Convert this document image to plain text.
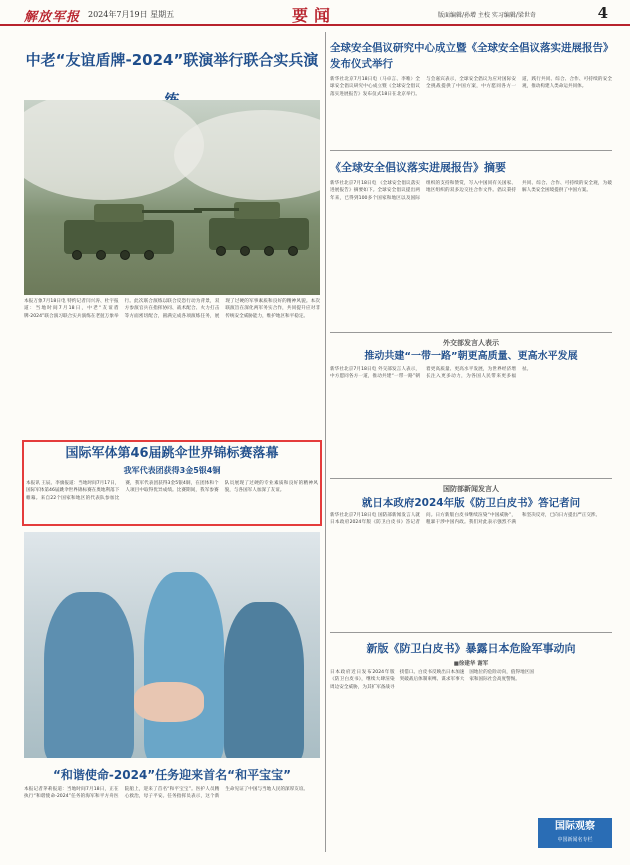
解放军报 2024年7月19日 星期五	要闻	版面编辑/孙增 主校 实习编辑/梁世奇	4
中老“友谊盾牌-2024”联演举行联合实兵演
本报万象7月18日电 特约记者闫兴涛、杜宇报道：当地时间7月18日，中老“友谊盾牌-2024”联合演习联合实兵演练在老挝万象举行。此次联合演练以联合反恐行动为背景，双方参演官兵在指挥协同、战术配合、火力打击等方面密切配合，圆满完成各项演练任务，展现了过硬的军事素质和良好的精神风貌。本次联演旨在深化两军务实合作，共同提升应对非传统安全威胁能力，维护地区和平稳定。
国际军体第46届跳伞世界锦标赛落幕
我军代表团获得3金5银4铜
本报讯 王辰、李旗报道：当地时间7月17日，国际军体第46届跳伞世界锦标赛在奥地利落下帷幕。来自22个国家和地区的代表队参加比赛，我军代表团获得3金5银4铜，在团体和个人项目中取得优异成绩。比赛期间，我军参赛队员展现了过硬的专业素质和良好的精神风貌，与各国军人加深了友谊。
“和谐使命-2024”任务迎来首名“和平宝宝”
本报记者茅莉报道：当地时间7月18日，正在执行“和谐使命-2024”任务的海军和平方舟医院船上，迎来了首名“和平宝宝”。医护人员精心救治，母子平安。任务指挥员表示，这个新生命见证了中国与当地人民的深厚友谊。
全球安全倡议研究中心成立暨《全球安全倡议落实进展报告》发布仪式举行
新华社北京7月18日电（马卓言、李唯）全球安全倡议研究中心成立暨《全球安全倡议落实进展报告》发布仪式18日在北京举行。与会嘉宾表示，全球安全倡议为应对国际安全挑战提供了中国方案，中方愿同各方一道，践行共同、综合、合作、可持续的安全观，推动构建人类命运共同体。
《全球安全倡议落实进展报告》摘要
新华社北京7月18日电 《全球安全倡议落实进展报告》摘要如下。全球安全倡议提出两年来，已得到100多个国家和地区以及国际组织的支持和赞赏，写入中国同有关国家、地区组织的双多边交往合作文件。倡议秉持共同、综合、合作、可持续的安全观，为破解人类安全困境提供了中国方案。
外交部发言人表示
推动共建“一带一路”朝更高质量、更高水平发展
新华社北京7月18日电 外交部发言人表示，中方愿同各方一道，推动共建“一带一路”朝着更高质量、更高水平发展，为世界经济增长注入更多动力，为各国人民带来更多福祉。
国防部新闻发言人
就日本政府2024年版《防卫白皮书》答记者问
新华社北京7月18日电 国防部新闻发言人就日本政府2024年版《防卫白皮书》答记者问。日方新版白皮书继续渲染“中国威胁”，粗暴干涉中国内政。我们对此表示强烈不满和坚决反对，已向日方提出严正交涉。
新版《防卫白皮书》暴露日本危险军事动向
■徐建华 谢军
日本政府近日发布2024年版《防卫白皮书》，继续大肆渲染周边安全威胁，为其扩军备战寻找借口。白皮书反映出日本加速突破战后体制束缚、谋求军事大国地位的危险动向，值得地区国家和国际社会高度警惕。
国际观察
中国新闻名专栏
